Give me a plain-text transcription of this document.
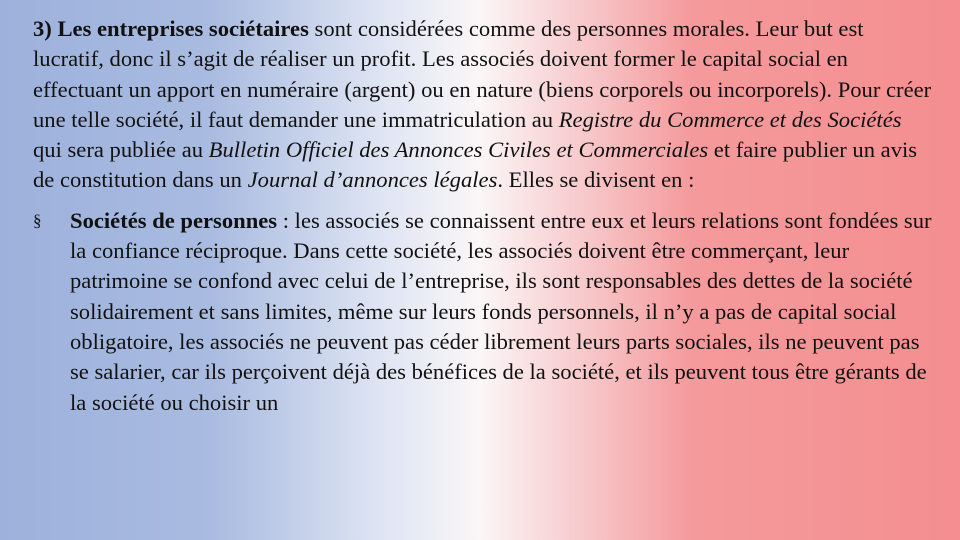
3) Les entreprises sociétaires sont considérées comme des personnes morales. Leur but est lucratif, donc il s’agit de réaliser un profit. Les associés doivent former le capital social en effectuant un apport en numéraire (argent) ou en nature (biens corporels ou incorporels). Pour créer une telle société, il faut demander une immatriculation au Registre du Commerce et des Sociétés qui sera publiée au Bulletin Officiel des Annonces Civiles et Commerciales et faire publier un avis de constitution dans un Journal d’annonces légales. Elles se divisent en :

§ Sociétés de personnes : les associés se connaissent entre eux et leurs relations sont fondées sur la confiance réciproque. Dans cette société, les associés doivent être commerçant, leur patrimoine se confond avec celui de l’entreprise, ils sont responsables des dettes de la société solidairement et sans limites, même sur leurs fonds personnels, il n’y a pas de capital social obligatoire, les associés ne peuvent pas céder librement leurs parts sociales, ils ne peuvent pas se salarier, car ils perçoivent déjà des bénéfices de la société, et ils peuvent tous être gérants de la société ou choisir un
